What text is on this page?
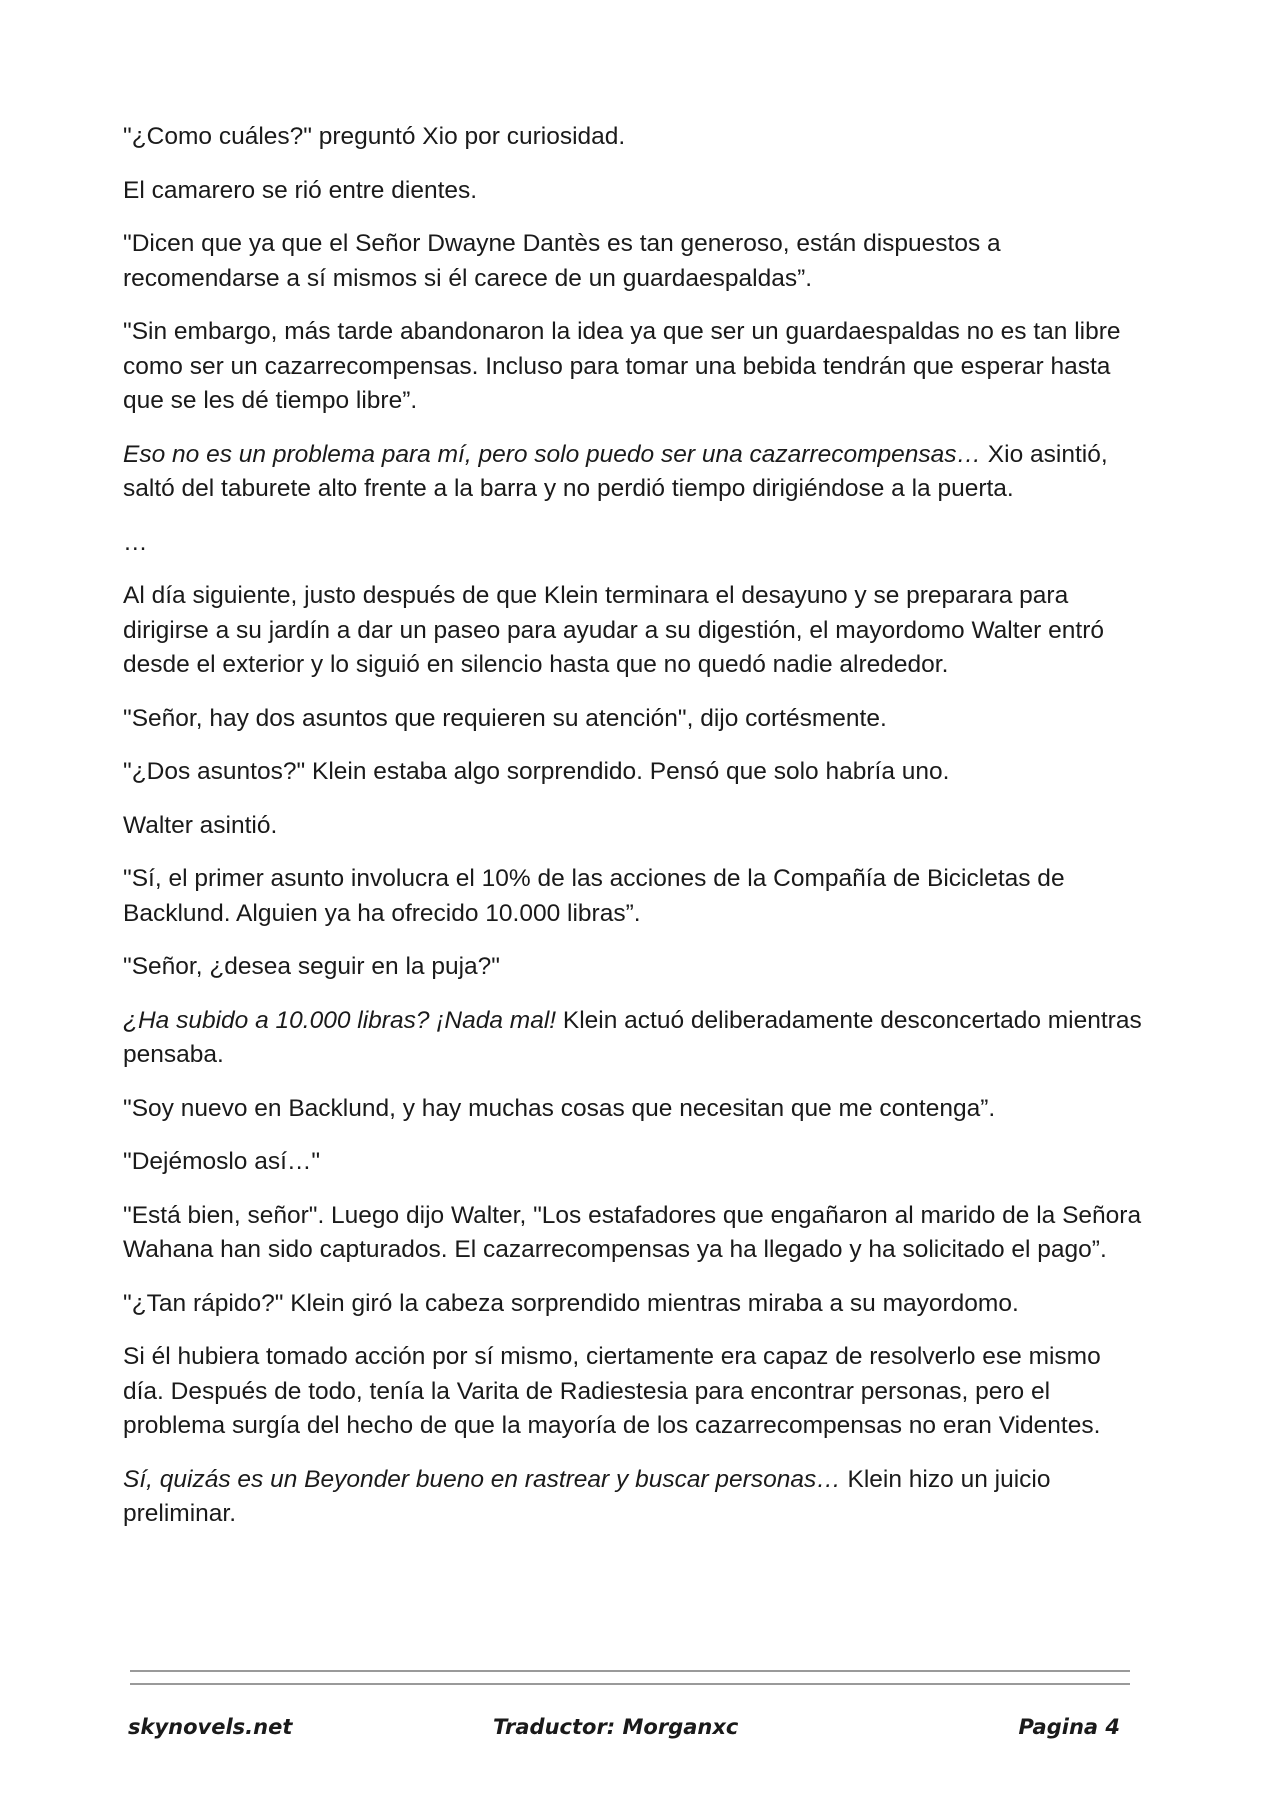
"¿Como cuáles?" preguntó Xio por curiosidad.

El camarero se rió entre dientes.

"Dicen que ya que el Señor Dwayne Dantès es tan generoso, están dispuestos a recomendarse a sí mismos si él carece de un guardaespaldas”.

"Sin embargo, más tarde abandonaron la idea ya que ser un guardaespaldas no es tan libre como ser un cazarrecompensas. Incluso para tomar una bebida tendrán que esperar hasta que se les dé tiempo libre”.

Eso no es un problema para mí, pero solo puedo ser una cazarrecompensas… Xio asintió, saltó del taburete alto frente a la barra y no perdió tiempo dirigiéndose a la puerta.

…

Al día siguiente, justo después de que Klein terminara el desayuno y se preparara para dirigirse a su jardín a dar un paseo para ayudar a su digestión, el mayordomo Walter entró desde el exterior y lo siguió en silencio hasta que no quedó nadie alrededor.

"Señor, hay dos asuntos que requieren su atención", dijo cortésmente.

"¿Dos asuntos?" Klein estaba algo sorprendido. Pensó que solo habría uno.

Walter asintió.

"Sí, el primer asunto involucra el 10% de las acciones de la Compañía de Bicicletas de Backlund. Alguien ya ha ofrecido 10.000 libras”.

"Señor, ¿desea seguir en la puja?"

¿Ha subido a 10.000 libras? ¡Nada mal! Klein actuó deliberadamente desconcertado mientras pensaba.

"Soy nuevo en Backlund, y hay muchas cosas que necesitan que me contenga”.

"Dejémoslo así…"

"Está bien, señor". Luego dijo Walter, "Los estafadores que engañaron al marido de la Señora Wahana han sido capturados. El cazarrecompensas ya ha llegado y ha solicitado el pago”.

"¿Tan rápido?" Klein giró la cabeza sorprendido mientras miraba a su mayordomo.

Si él hubiera tomado acción por sí mismo, ciertamente era capaz de resolverlo ese mismo día. Después de todo, tenía la Varita de Radiestesia para encontrar personas, pero el problema surgía del hecho de que la mayoría de los cazarrecompensas no eran Videntes.

Sí, quizás es un Beyonder bueno en rastrear y buscar personas… Klein hizo un juicio preliminar.

skynovels.net	Traductor: Morganxc	Pagina 4
